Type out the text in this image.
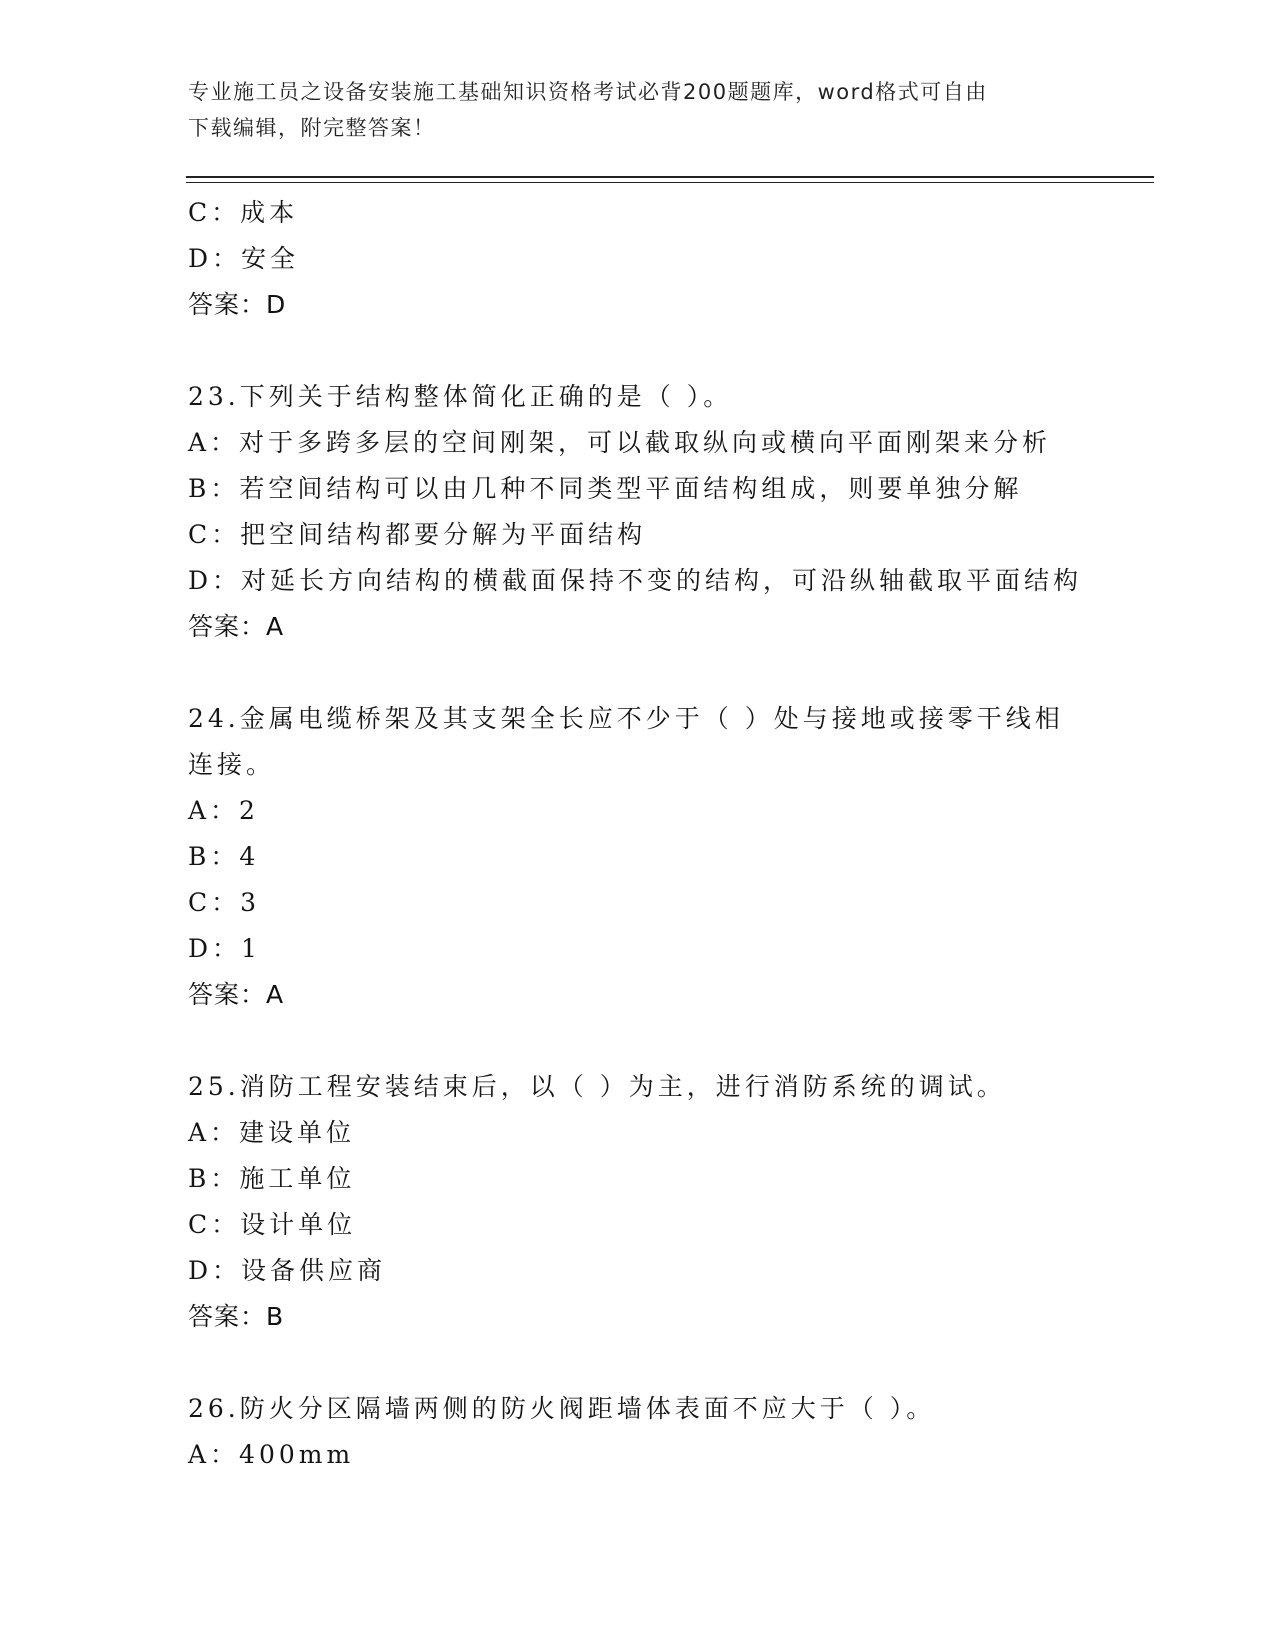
专业施工员之设备安装施工基础知识资格考试必背200题题库，word格式可自由
下载编辑，附完整答案！
C：成本
D：安全
答案：D
23.下列关于结构整体简化正确的是（ ）。
A：对于多跨多层的空间刚架，可以截取纵向或横向平面刚架来分析
B：若空间结构可以由几种不同类型平面结构组成，则要单独分解
C：把空间结构都要分解为平面结构
D：对延长方向结构的横截面保持不变的结构，可沿纵轴截取平面结构
答案：A
24.金属电缆桥架及其支架全长应不少于（ ）处与接地或接零干线相
连接。
A：2
B：4
C：3
D：1
答案：A
25.消防工程安装结束后，以（ ）为主，进行消防系统的调试。
A：建设单位
B：施工单位
C：设计单位
D：设备供应商
答案：B
26.防火分区隔墙两侧的防火阀距墙体表面不应大于（ ）。
A：400mm
